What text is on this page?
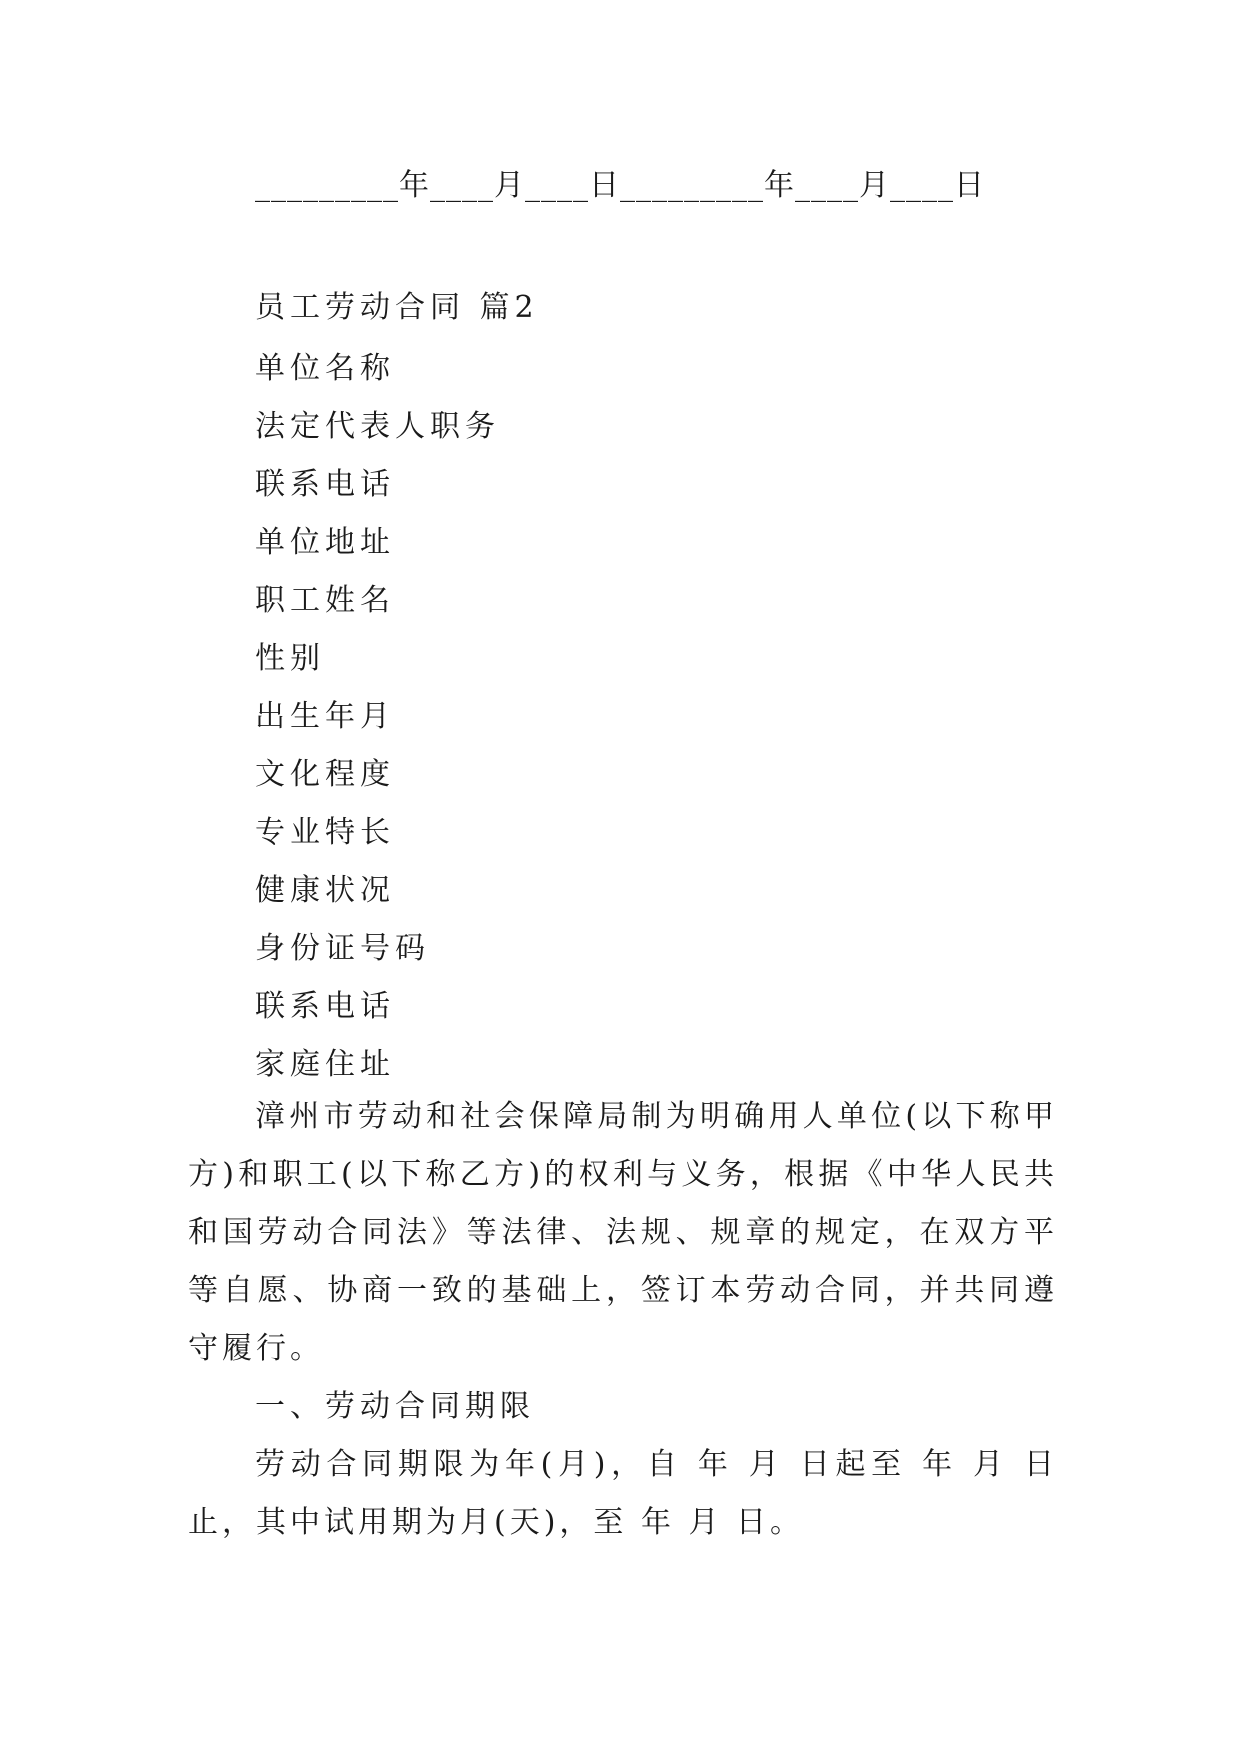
_________年____月____日_________年____月____日
员工劳动合同 篇2
单位名称
法定代表人职务
联系电话
单位地址
职工姓名
性别
出生年月
文化程度
专业特长
健康状况
身份证号码
联系电话
家庭住址

漳州市劳动和社会保障局制为明确用人单位(以下称甲方)和职工(以下称乙方)的权利与义务，根据《中华人民共和国劳动合同法》等法律、法规、规章的规定，在双方平等自愿、协商一致的基础上，签订本劳动合同，并共同遵守履行。

一、劳动合同期限

劳动合同期限为年(月)，自 年 月 日起至 年 月 日止，其中试用期为月(天)，至 年 月 日。
